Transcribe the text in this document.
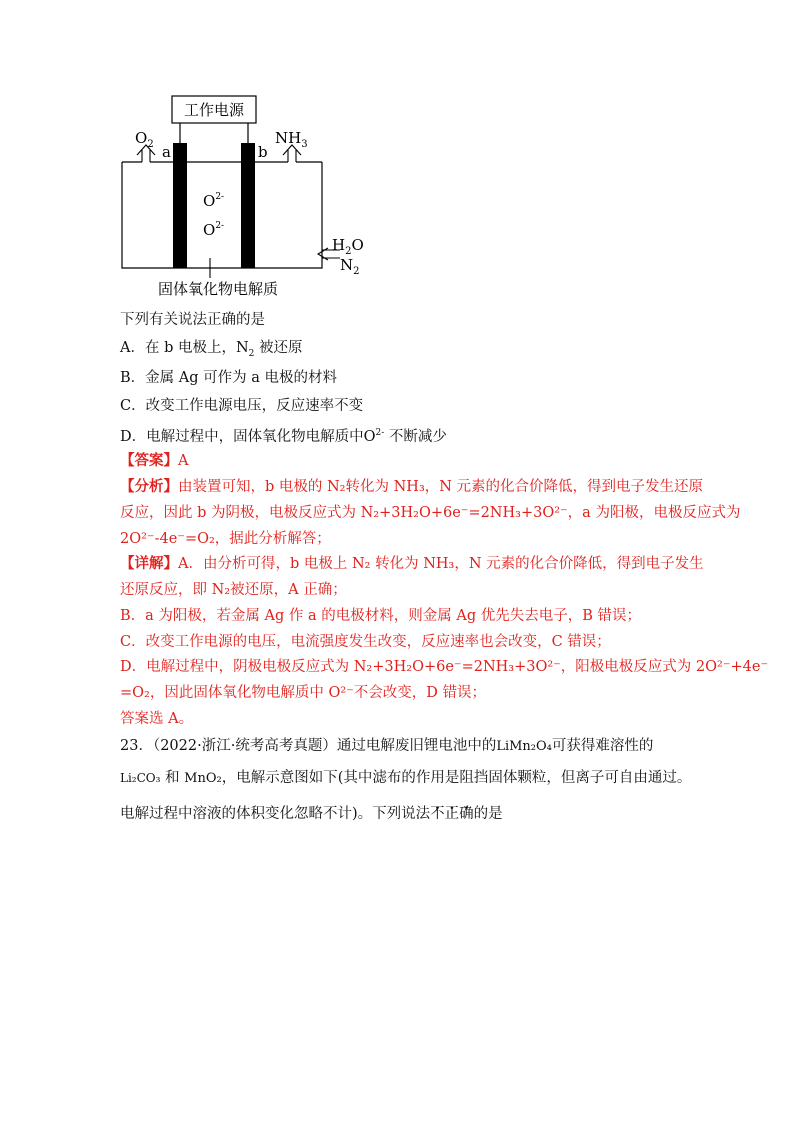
工作电源
$O_2$	$NH_3$
a	b
$O^{2-}$
$O^{2-}$
$H_2O$
$N_2$
固体氧化物电解质
下列有关说法正确的是
A．在 b 电极上，$N_2$ 被还原
B．金属 Ag 可作为 a 电极的材料
C．改变工作电源电压，反应速率不变
D．电解过程中，固体氧化物电解质中$O^{2-}$ 不断减少
【答案】A
【分析】由装置可知，b 电极的 N₂转化为 NH₃，N 元素的化合价降低，得到电子发生还原
反应，因此 b 为阴极，电极反应式为 N₂+3H₂O+6e⁻=2NH₃+3O²⁻，a 为阳极，电极反应式为
2O²⁻-4e⁻=O₂，据此分析解答；
【详解】A．由分析可得，b 电极上 N₂ 转化为 NH₃，N 元素的化合价降低，得到电子发生
还原反应，即 N₂被还原，A 正确；
B．a 为阳极，若金属 Ag 作 a 的电极材料，则金属 Ag 优先失去电子，B 错误；
C．改变工作电源的电压，电流强度发生改变，反应速率也会改变，C 错误；
D．电解过程中，阴极电极反应式为 N₂+3H₂O+6e⁻=2NH₃+3O²⁻，阳极电极反应式为 2O²⁻+4e⁻
=O₂，因此固体氧化物电解质中 O²⁻不会改变，D 错误；
答案选 A。
23．（2022·浙江·统考高考真题）通过电解废旧锂电池中的LiMn₂O₄可获得难溶性的
Li₂CO₃ 和 MnO₂，电解示意图如下(其中滤布的作用是阻挡固体颗粒，但离子可自由通过。
电解过程中溶液的体积变化忽略不计)。下列说法不正确的是
